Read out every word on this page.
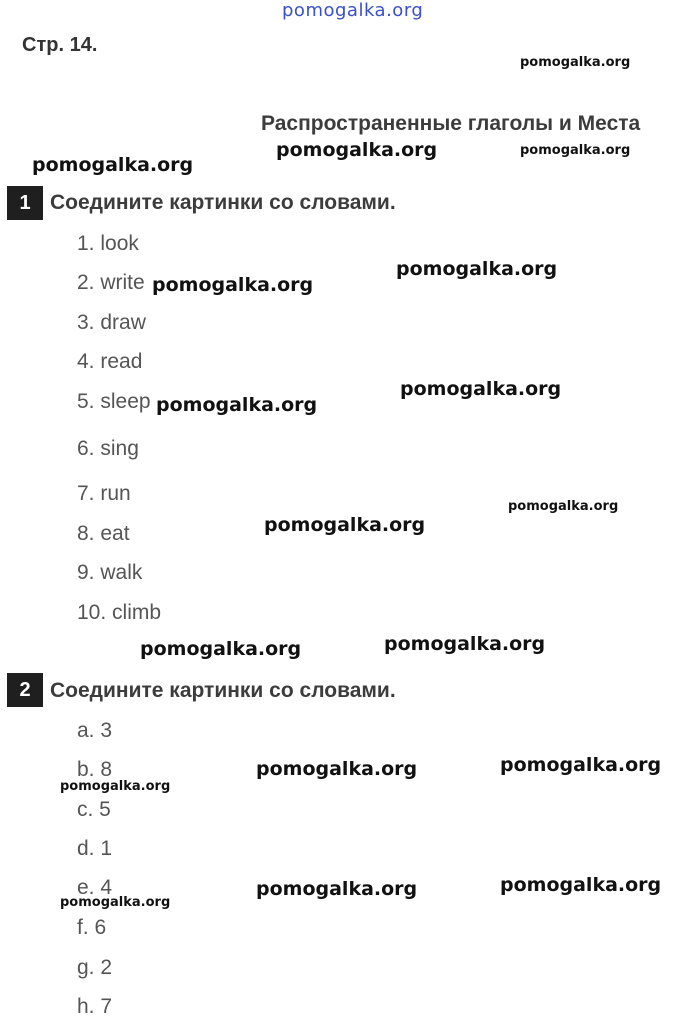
pomogalka.org
Стр. 14.
Распространенные глаголы и Места
1 Соедините картинки со словами.
1. look
2. write
3. draw
4. read
5. sleep
6. sing
7. run
8. eat
9. walk
10. climb
2 Соедините картинки со словами.
a. 3
b. 8
c. 5
d. 1
e. 4
f. 6
g. 2
h. 7
pomogalka.org
pomogalka.org	pomogalka.org
pomogalka.org
pomogalka.org
pomogalka.org
pomogalka.org
pomogalka.org
pomogalka.org
pomogalka.org
pomogalka.org
pomogalka.org
pomogalka.org
pomogalka.org
pomogalka.org
pomogalka.org
pomogalka.org
pomogalka.org
